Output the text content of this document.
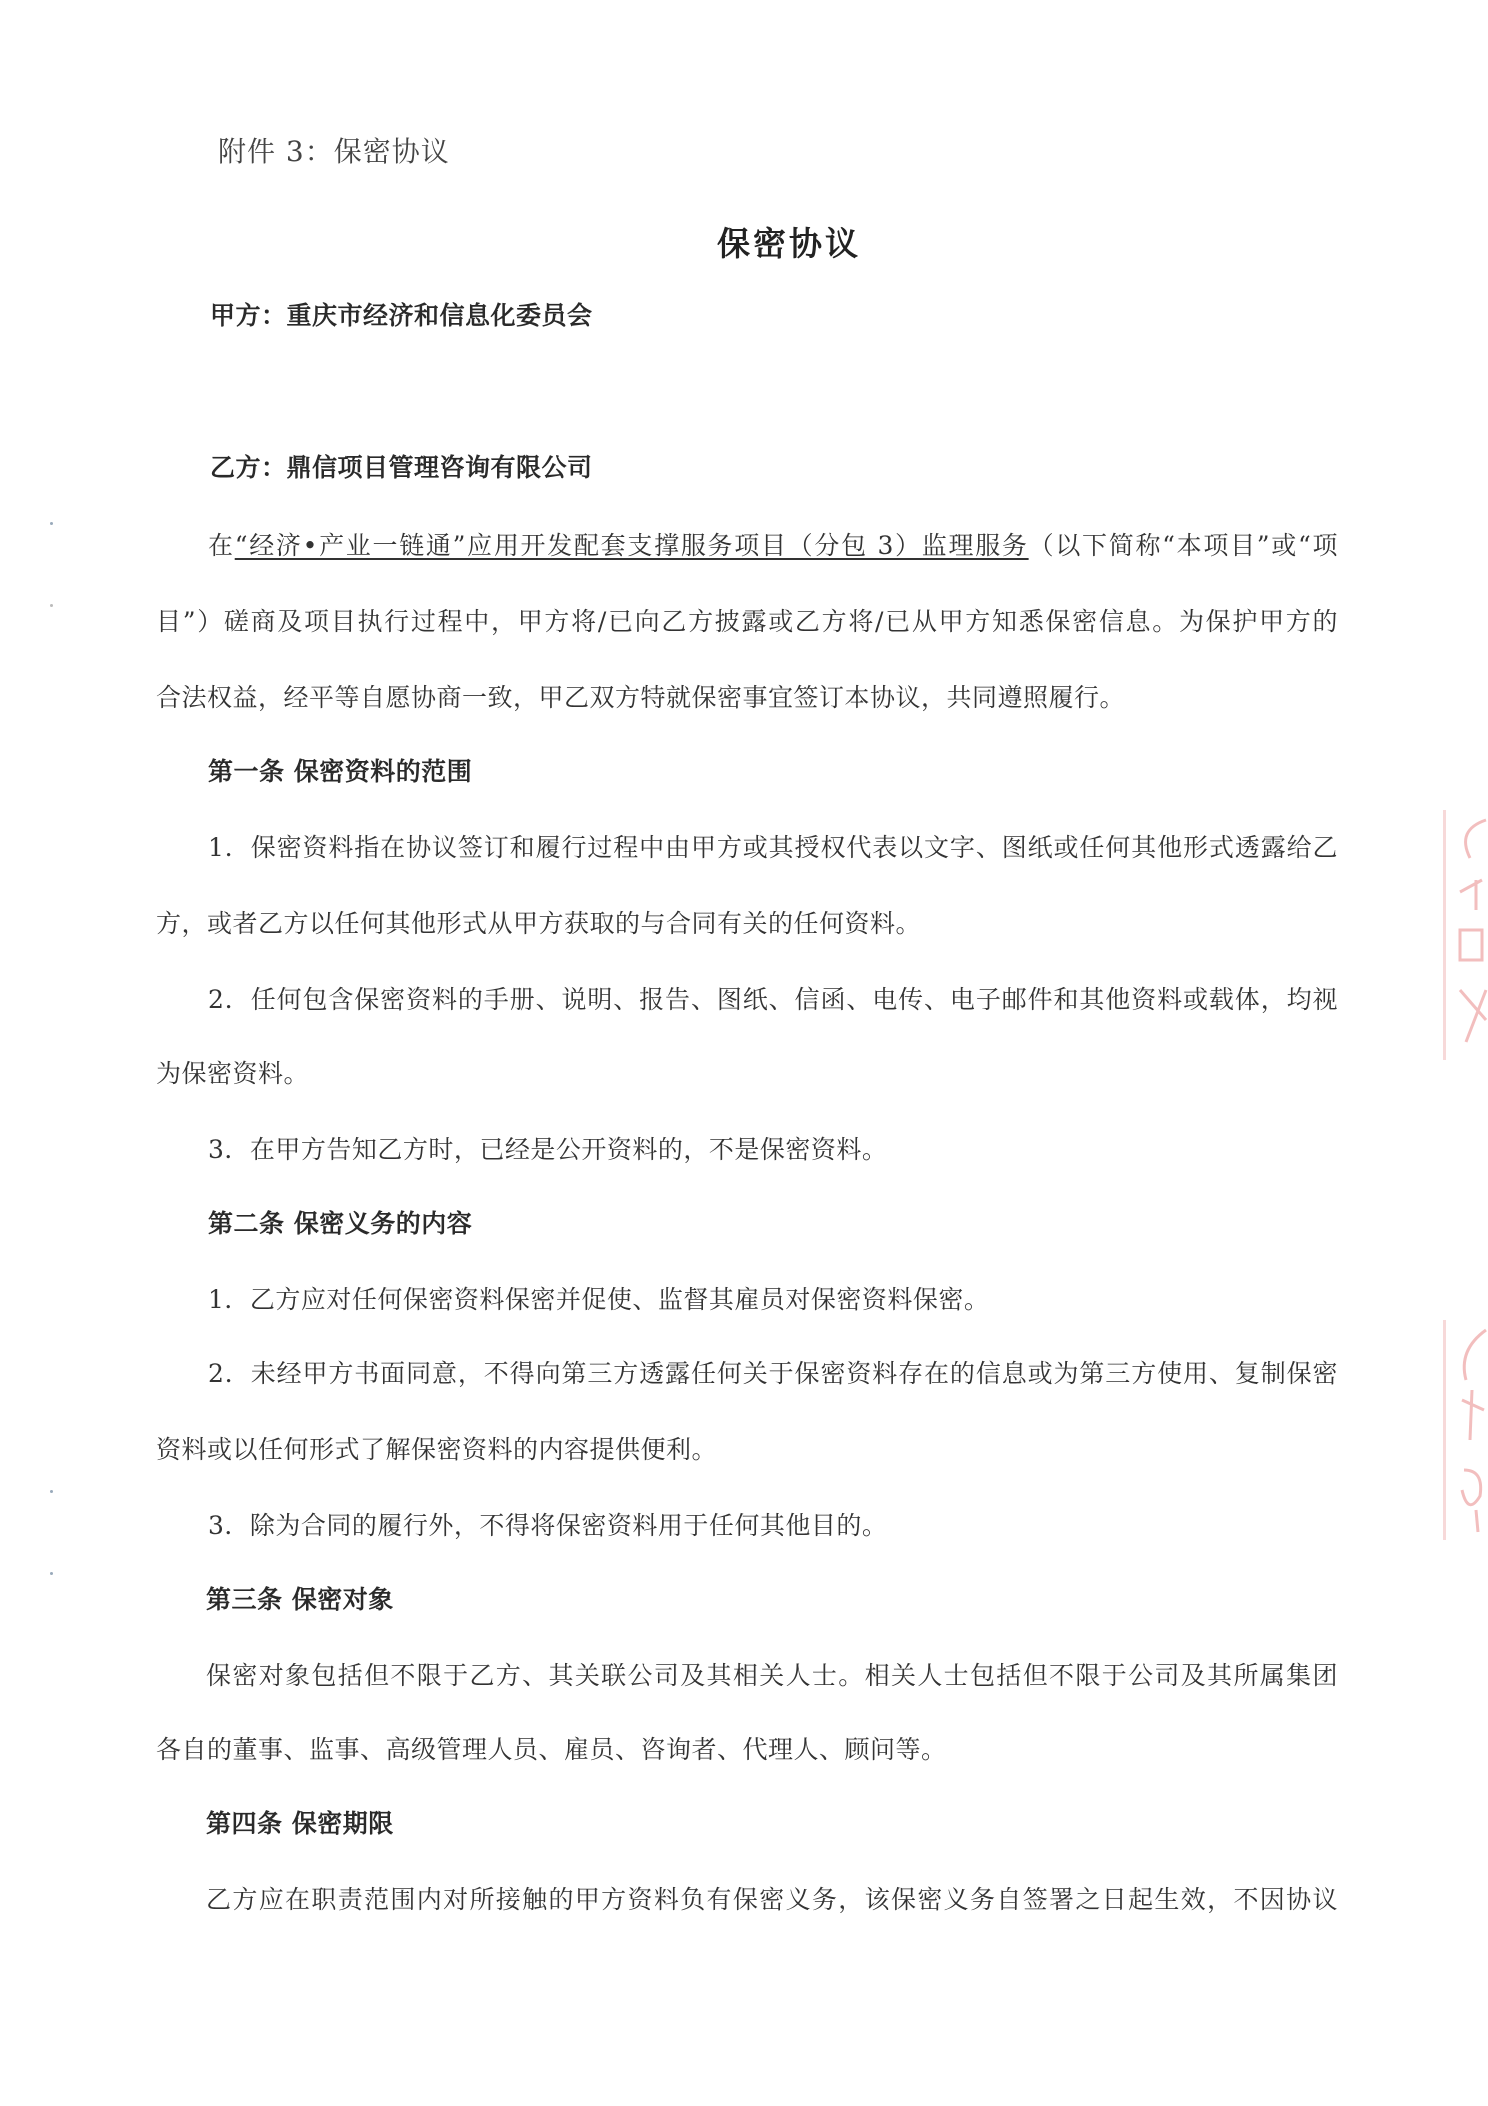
附件 3：保密协议
保密协议
甲方：重庆市经济和信息化委员会
乙方：鼎信项目管理咨询有限公司
在“经济•产业一链通”应用开发配套支撑服务项目（分包 3）监理服务（以下简称“本项目”或“项
目”）磋商及项目执行过程中，甲方将/已向乙方披露或乙方将/已从甲方知悉保密信息。为保护甲方的
合法权益，经平等自愿协商一致，甲乙双方特就保密事宜签订本协议，共同遵照履行。
第一条 保密资料的范围
1．保密资料指在协议签订和履行过程中由甲方或其授权代表以文字、图纸或任何其他形式透露给乙
方，或者乙方以任何其他形式从甲方获取的与合同有关的任何资料。
2．任何包含保密资料的手册、说明、报告、图纸、信函、电传、电子邮件和其他资料或载体，均视
为保密资料。
3．在甲方告知乙方时，已经是公开资料的，不是保密资料。
第二条 保密义务的内容
1．乙方应对任何保密资料保密并促使、监督其雇员对保密资料保密。
2．未经甲方书面同意，不得向第三方透露任何关于保密资料存在的信息或为第三方使用、复制保密
资料或以任何形式了解保密资料的内容提供便利。
3．除为合同的履行外，不得将保密资料用于任何其他目的。
第三条 保密对象
保密对象包括但不限于乙方、其关联公司及其相关人士。相关人士包括但不限于公司及其所属集团
各自的董事、监事、高级管理人员、雇员、咨询者、代理人、顾问等。
第四条 保密期限
乙方应在职责范围内对所接触的甲方资料负有保密义务，该保密义务自签署之日起生效，不因协议
